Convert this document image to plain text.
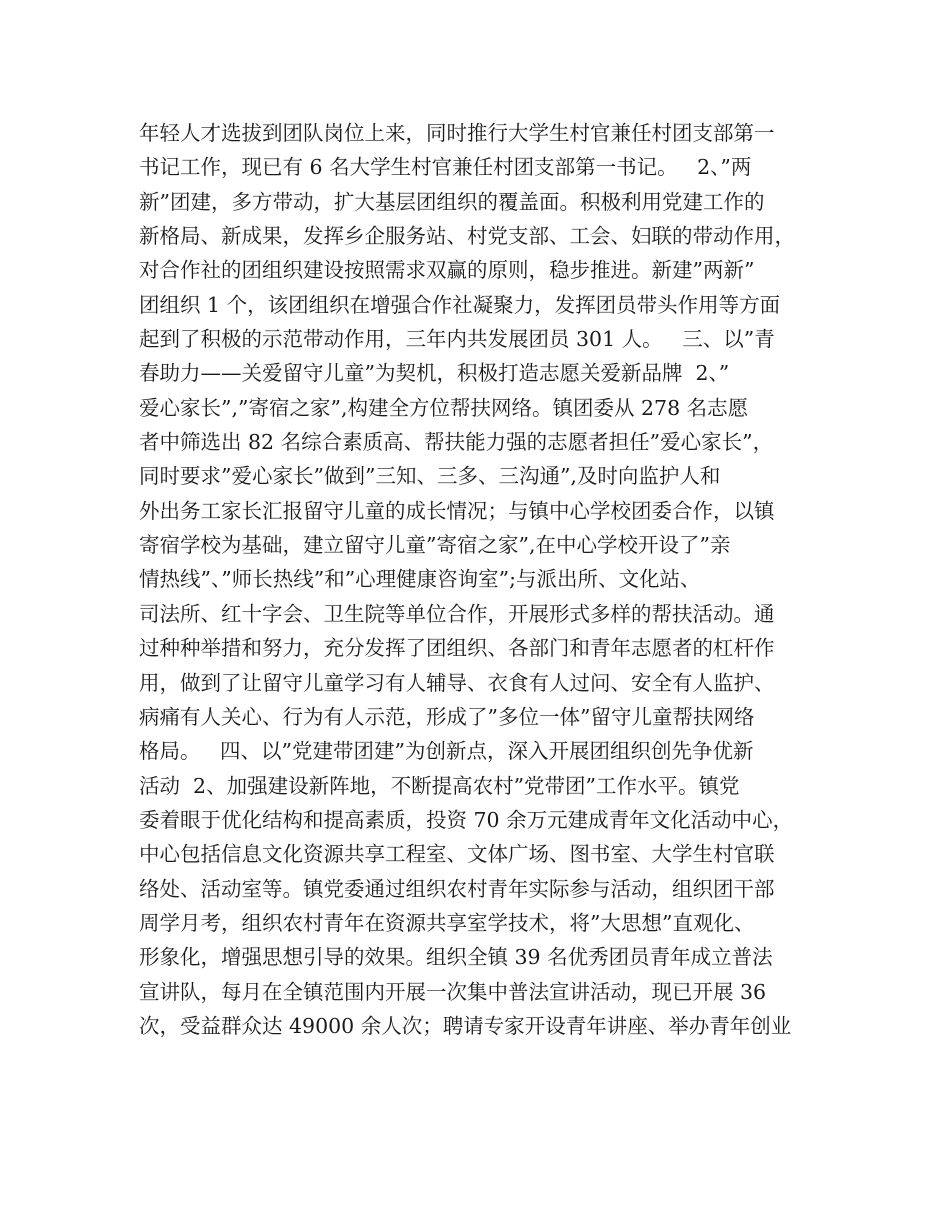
年轻人才选拔到团队岗位上来，同时推行大学生村官兼任村团支部第一
书记工作，现已有 6 名大学生村官兼任村团支部第一书记。   2、”两
新”团建，多方带动，扩大基层团组织的覆盖面。积极利用党建工作的
新格局、新成果，发挥乡企服务站、村党支部、工会、妇联的带动作用，
对合作社的团组织建设按照需求双赢的原则，稳步推进。新建”两新”
团组织 1 个，该团组织在增强合作社凝聚力，发挥团员带头作用等方面
起到了积极的示范带动作用，三年内共发展团员 301 人。   三、以”青
春助力——关爱留守儿童”为契机，积极打造志愿关爱新品牌  2、”
爱心家长”,”寄宿之家”,构建全方位帮扶网络。镇团委从 278 名志愿
者中筛选出 82 名综合素质高、帮扶能力强的志愿者担任”爱心家长”，
同时要求”爱心家长”做到”三知、三多、三沟通”,及时向监护人和
外出务工家长汇报留守儿童的成长情况；与镇中心学校团委合作，以镇
寄宿学校为基础，建立留守儿童”寄宿之家”,在中心学校开设了”亲
情热线”、”师长热线”和”心理健康咨询室”;与派出所、文化站、
司法所、红十字会、卫生院等单位合作，开展形式多样的帮扶活动。通
过种种举措和努力，充分发挥了团组织、各部门和青年志愿者的杠杆作
用，做到了让留守儿童学习有人辅导、衣食有人过问、安全有人监护、
病痛有人关心、行为有人示范，形成了”多位一体”留守儿童帮扶网络
格局。   四、以”党建带团建”为创新点，深入开展团组织创先争优新
活动  2、加强建设新阵地，不断提高农村”党带团”工作水平。镇党
委着眼于优化结构和提高素质，投资 70 余万元建成青年文化活动中心，
中心包括信息文化资源共享工程室、文体广场、图书室、大学生村官联
络处、活动室等。镇党委通过组织农村青年实际参与活动，组织团干部
周学月考，组织农村青年在资源共享室学技术，将”大思想”直观化、
形象化，增强思想引导的效果。组织全镇 39 名优秀团员青年成立普法
宣讲队，每月在全镇范围内开展一次集中普法宣讲活动，现已开展 36
次，受益群众达 49000 余人次；聘请专家开设青年讲座、举办青年创业
